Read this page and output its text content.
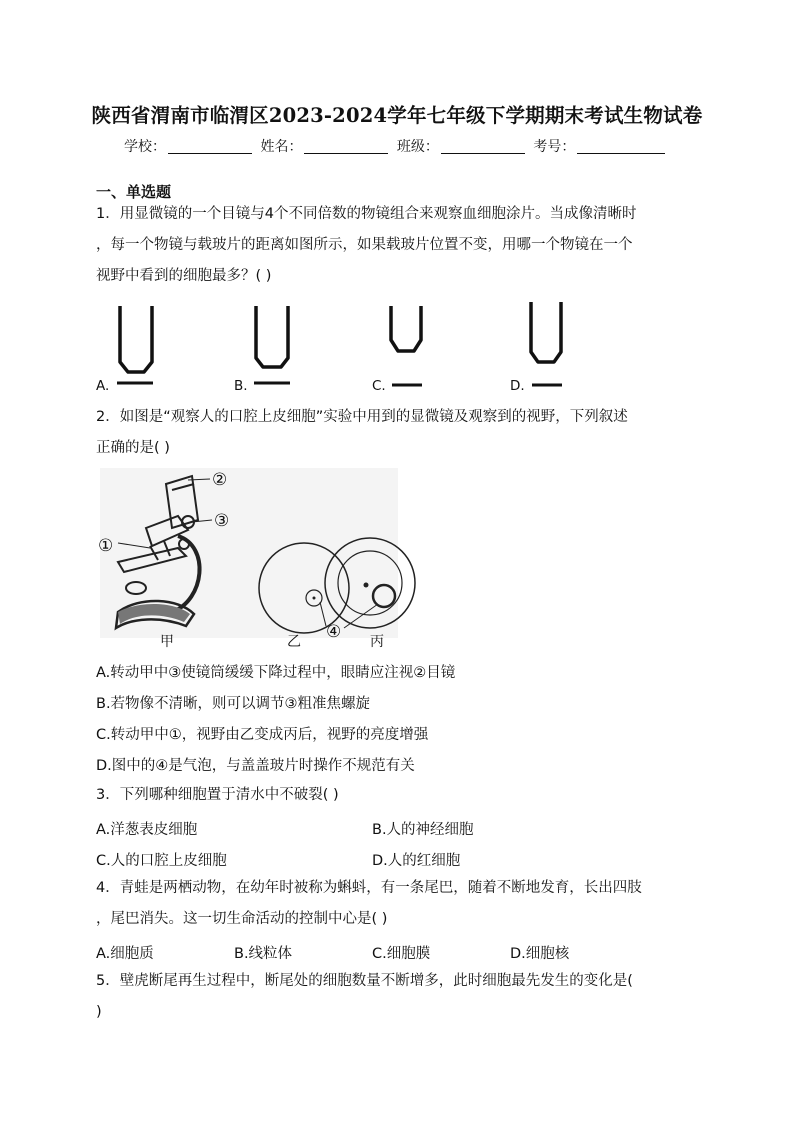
陕西省渭南市临渭区2023-2024学年七年级下学期期末考试生物试卷
学校：	姓名：	班级：	考号：
一、单选题
1．用显微镜的一个目镜与4个不同倍数的物镜组合来观察血细胞涂片。当成像清晰时
，每一个物镜与载玻片的距离如图所示，如果载玻片位置不变，用哪一个物镜在一个
视野中看到的细胞最多？( )
A.	B.	C.	D.
2．如图是“观察人的口腔上皮细胞”实验中用到的显微镜及观察到的视野，下列叙述
正确的是( )
①
②
③
④
甲	乙	丙
A.转动甲中③使镜筒缓缓下降过程中，眼睛应注视②目镜
B.若物像不清晰，则可以调节③粗准焦螺旋
C.转动甲中①，视野由乙变成丙后，视野的亮度增强
D.图中的④是气泡，与盖盖玻片时操作不规范有关
3．下列哪种细胞置于清水中不破裂( )
A.洋葱表皮细胞	B.人的神经细胞
C.人的口腔上皮细胞	D.人的红细胞
4．青蛙是两栖动物，在幼年时被称为蝌蚪，有一条尾巴，随着不断地发育，长出四肢
，尾巴消失。这一切生命活动的控制中心是( )
A.细胞质	B.线粒体	C.细胞膜	D.细胞核
5．壁虎断尾再生过程中，断尾处的细胞数量不断增多，此时细胞最先发生的变化是(
)
